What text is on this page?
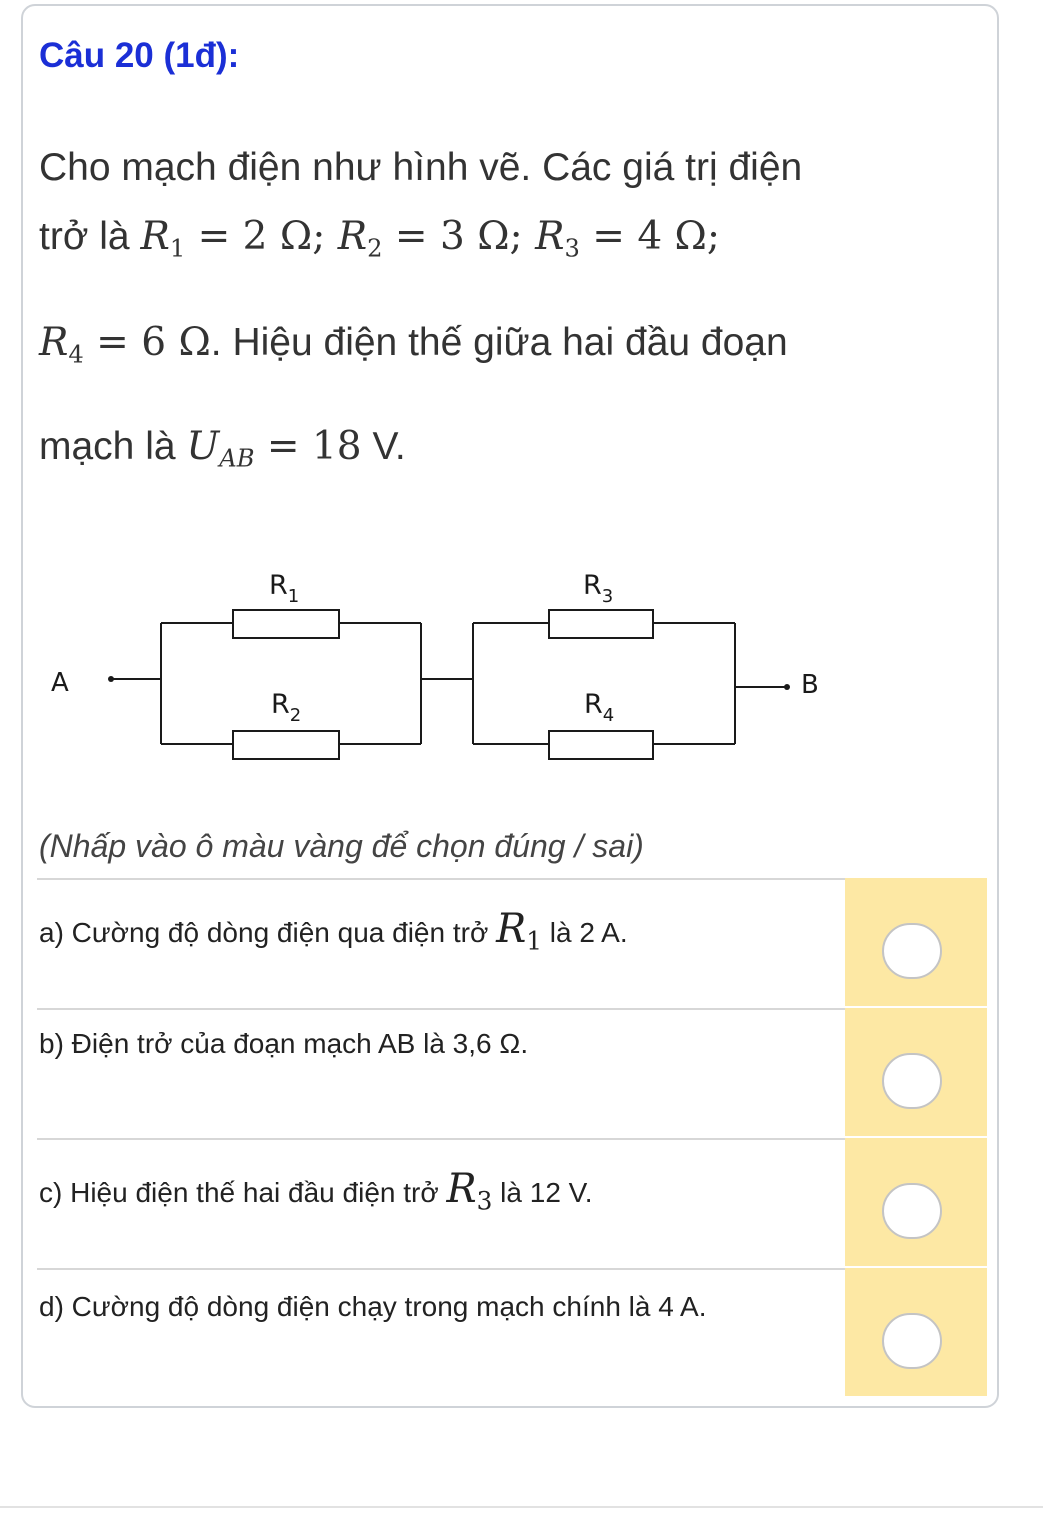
Câu 20 (1đ):
Cho mạch điện như hình vẽ. Các giá trị điện
trở là $R_1 = 2$ Ω; $R_2 = 3$ Ω; $R_3 = 4$ Ω;
$R_4 = 6$ Ω. Hiệu điện thế giữa hai đầu đoạn
mạch là $U_{AB} = 18$ V.
$R_1$
$R_2$
$R_3$
$R_4$
A	B
(Nhấp vào ô màu vàng để chọn đúng / sai)
a) Cường độ dòng điện qua điện trở $R_1$ là 2 A.
b) Điện trở của đoạn mạch AB là 3,6 Ω.
c) Hiệu điện thế hai đầu điện trở $R_3$ là 12 V.
d) Cường độ dòng điện chạy trong mạch chính là 4 A.
